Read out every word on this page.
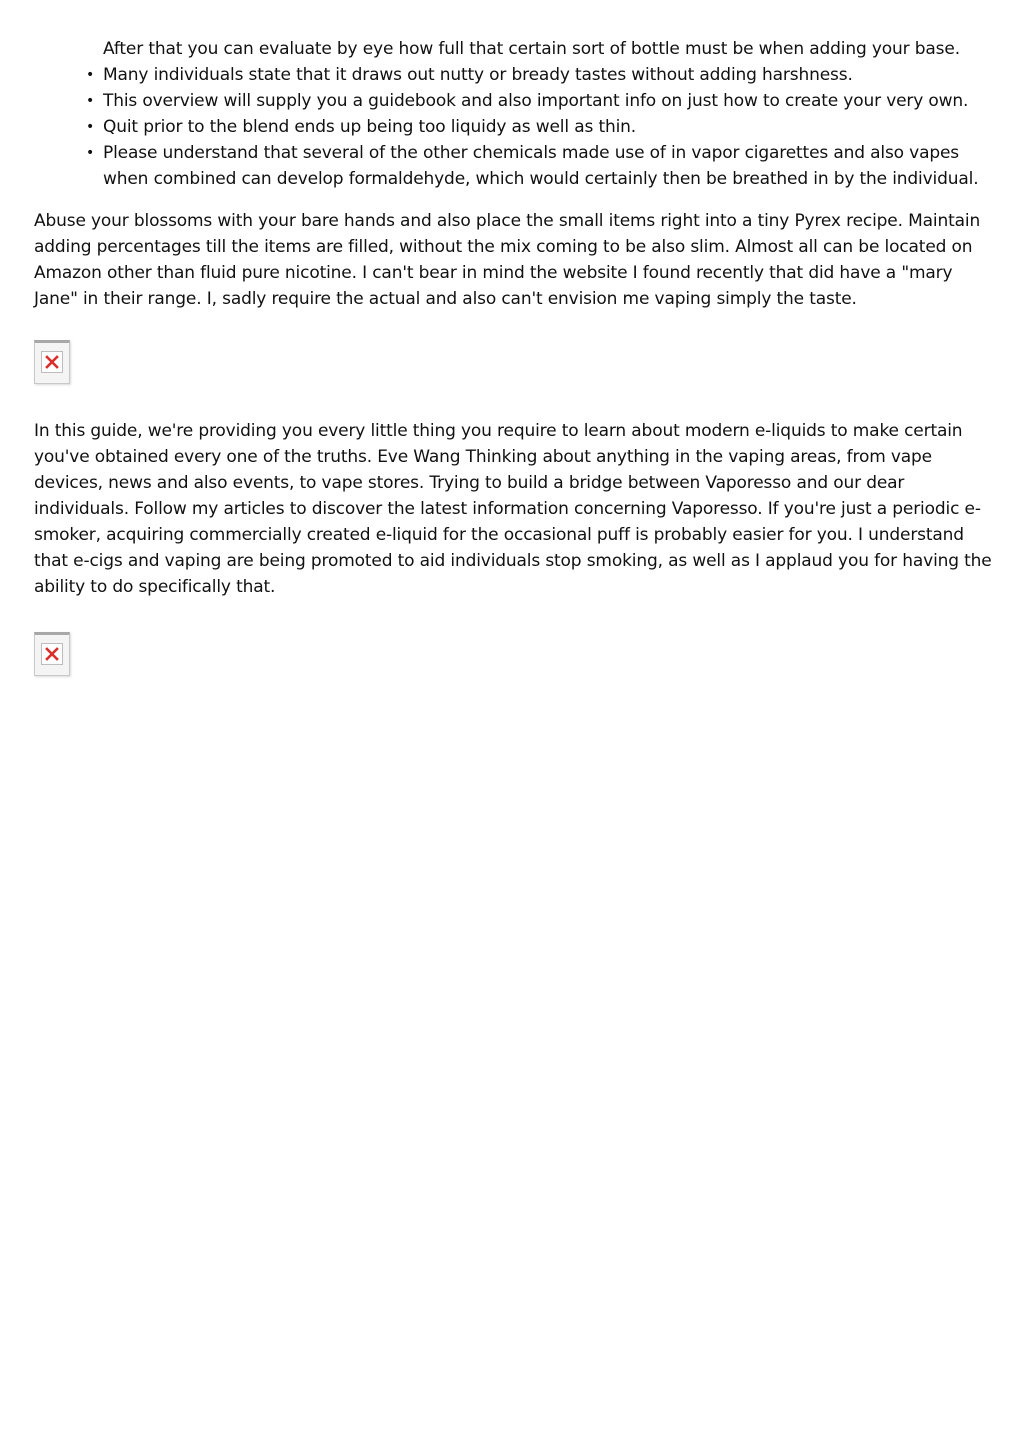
After that you can evaluate by eye how full that certain sort of bottle must be when adding your base.
• Many individuals state that it draws out nutty or bready tastes without adding harshness.
• This overview will supply you a guidebook and also important info on just how to create your very own.
• Quit prior to the blend ends up being too liquidy as well as thin.
• Please understand that several of the other chemicals made use of in vapor cigarettes and also vapes when combined can develop formaldehyde, which would certainly then be breathed in by the individual.

Abuse your blossoms with your bare hands and also place the small items right into a tiny Pyrex recipe. Maintain adding percentages till the items are filled, without the mix coming to be also slim. Almost all can be located on Amazon other than fluid pure nicotine. I can't bear in mind the website I found recently that did have a "mary Jane" in their range. I, sadly require the actual and also can't envision me vaping simply the taste.

In this guide, we're providing you every little thing you require to learn about modern e-liquids to make certain you've obtained every one of the truths. Eve Wang Thinking about anything in the vaping areas, from vape devices, news and also events, to vape stores. Trying to build a bridge between Vaporesso and our dear individuals. Follow my articles to discover the latest information concerning Vaporesso. If you're just a periodic e-smoker, acquiring commercially created e-liquid for the occasional puff is probably easier for you. I understand that e-cigs and vaping are being promoted to aid individuals stop smoking, as well as I applaud you for having the ability to do specifically that.
